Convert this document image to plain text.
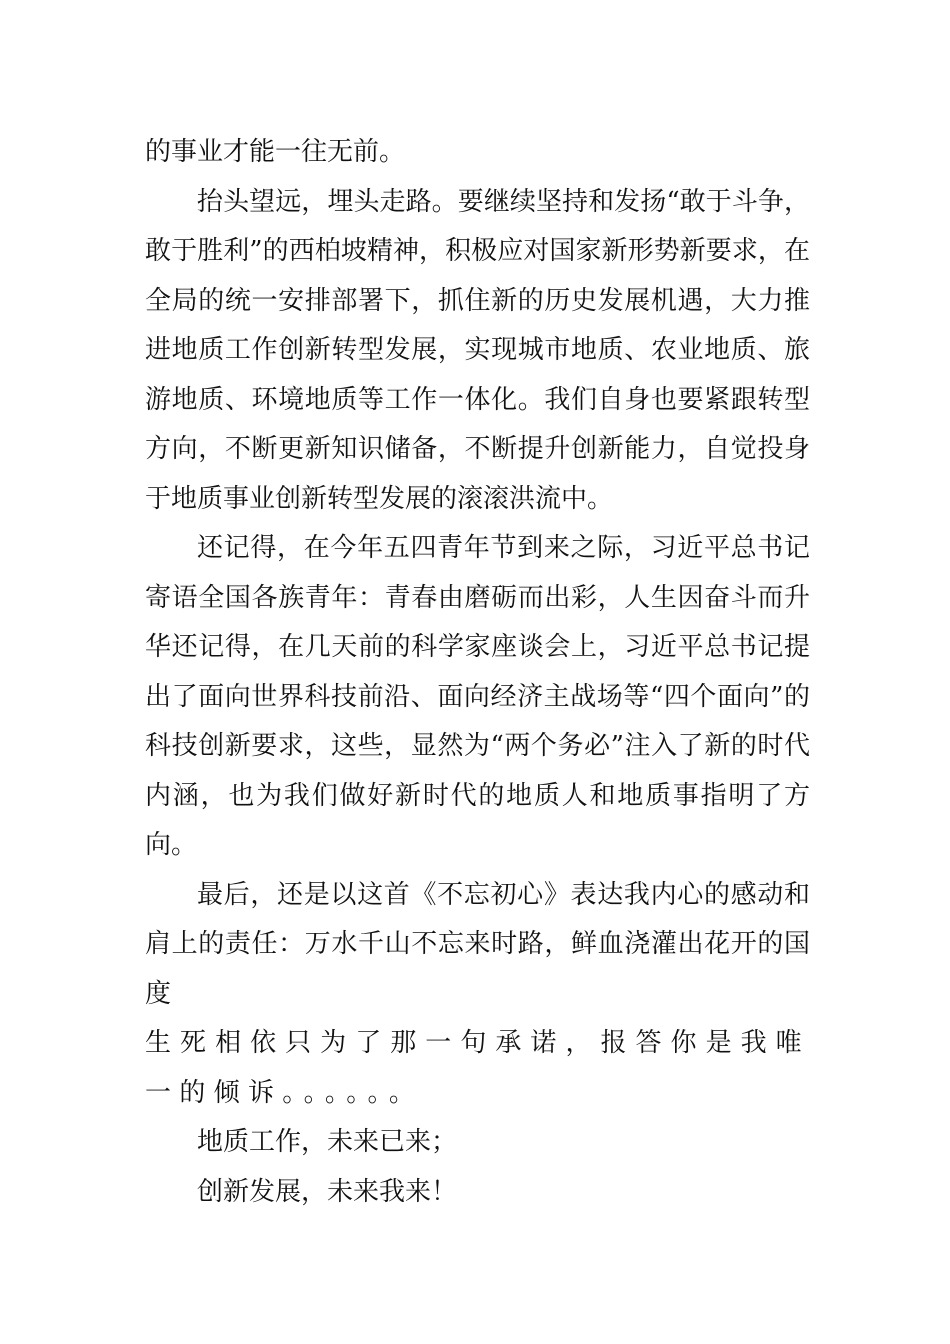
的事业才能一往无前。

抬头望远，埋头走路。要继续坚持和发扬“敢于斗争，敢于胜利”的西柏坡精神，积极应对国家新形势新要求，在全局的统一安排部署下，抓住新的历史发展机遇，大力推进地质工作创新转型发展，实现城市地质、农业地质、旅游地质、环境地质等工作一体化。我们自身也要紧跟转型方向，不断更新知识储备，不断提升创新能力，自觉投身于地质事业创新转型发展的滚滚洪流中。

还记得，在今年五四青年节到来之际，习近平总书记寄语全国各族青年：青春由磨砺而出彩，人生因奋斗而升华还记得，在几天前的科学家座谈会上，习近平总书记提出了面向世界科技前沿、面向经济主战场等“四个面向”的科技创新要求，这些，显然为“两个务必”注入了新的时代内涵，也为我们做好新时代的地质人和地质事指明了方向。

最后，还是以这首《不忘初心》表达我内心的感动和肩上的责任：万水千山不忘来时路，鲜血浇灌出花开的国度

生死相依只为了那一句承诺，报答你是我唯一的倾诉。。。。。。

地质工作，未来已来；

创新发展，未来我来！
